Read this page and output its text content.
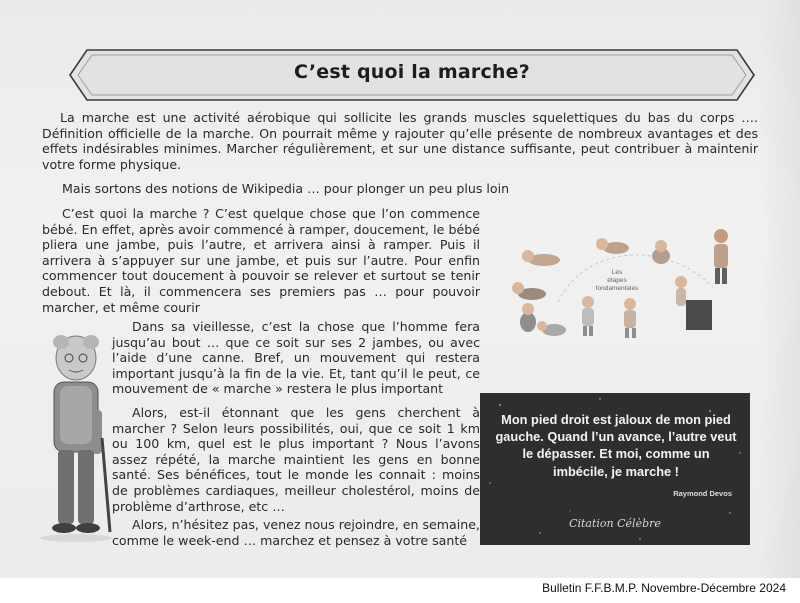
C’est quoi la marche?

La marche est une activité aérobique qui sollicite les grands muscles squelettiques du bas du corps …. Définition officielle de la marche. On pourrait même y rajouter qu’elle présente de nombreux avantages et des effets indésirables minimes. Marcher régulièrement, et sur une distance suffisante, peut contribuer à maintenir votre forme physique.

Mais sortons des notions de Wikipedia … pour plonger un peu plus loin

C’est quoi la marche ? C’est quelque chose que l’on commence bébé. En effet, après avoir commencé à ramper, doucement, le bébé pliera une jambe, puis l’autre, et arrivera ainsi à ramper. Puis il arrivera à s’appuyer sur une jambe, et puis sur l’autre. Pour enfin commencer tout doucement à pouvoir se relever et surtout se tenir debout. Et là, il commencera ses premiers pas … pour pouvoir marcher, et même courir

Dans sa vieillesse, c’est la chose que l’homme fera jusqu’au bout … que ce soit sur ses 2 jambes, ou avec l’aide d’une canne. Bref, un mouvement qui restera important jusqu’à la fin de la vie. Et, tant qu’il le peut, ce mouvement de « marche » restera le plus important

Alors, est-il étonnant que les gens cherchent à marcher ? Selon leurs possibilités, oui, que ce soit 1 km ou 100 km, quel est le plus important ? Nous l’avons assez répété, la marche maintient les gens en bonne santé. Ses bénéfices, tout le monde les connait : moins de problèmes cardiaques, meilleur cholestérol, moins de problème d’arthrose, etc …

Alors, n’hésitez pas, venez nous rejoindre, en semaine, comme le week-end … marchez et pensez à votre santé

Les
étapes
fondamentales
Mon pied droit est jaloux de mon pied gauche. Quand l’un avance, l’autre veut le dépasser. Et moi, comme un imbécile, je marche !
Raymond Devos
Citation Célèbre
Bulletin F.F.B.M.P. Novembre-Décembre 2024
